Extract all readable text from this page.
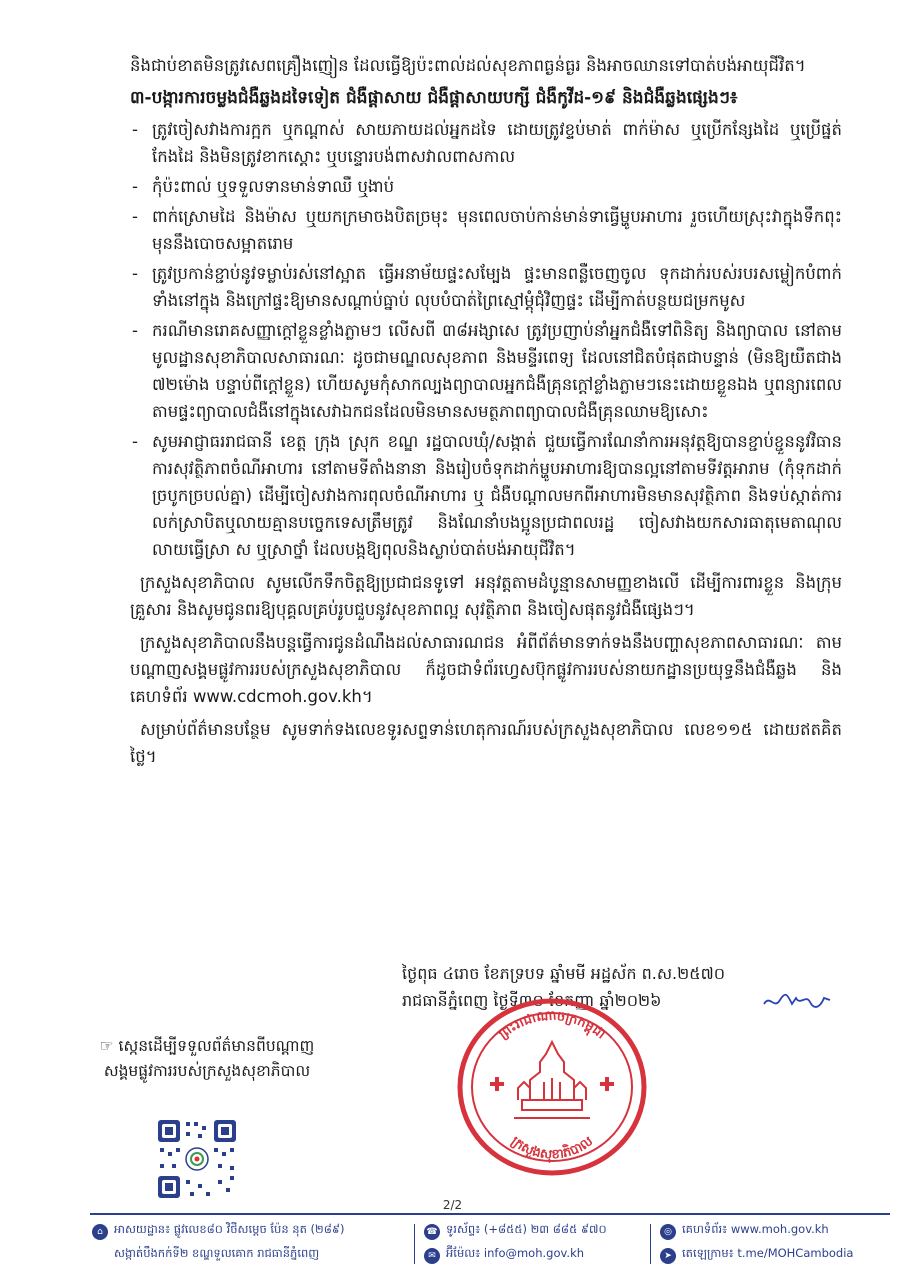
និងជាប់ខាតមិនត្រូវសេពគ្រឿងញៀន ដែលធ្វើឱ្យប៉ះពាល់ដល់សុខភាពធ្ងន់ធ្ងរ និងអាចឈានទៅបាត់បង់អាយុជីវិត។

៣-បង្ការការចម្លងជំងឺឆ្លងដទៃទៀត ជំងឺផ្តាសាយ ជំងឺផ្តាសាយបក្សី ជំងឺកូវីដ-១៩ និងជំងឺឆ្លងផ្សេងៗ៖

- ត្រូវចៀសវាងការក្អក ឬកណ្តាស់ សាយភាយដល់អ្នកដទៃ ដោយត្រូវខ្ទប់មាត់ ពាក់ម៉ាស ឬប្រើកន្សែងដៃ ឬប្រើផ្នត់កែងដៃ និងមិនត្រូវខាកស្តោះ ឬបន្ទោរបង់ពាសវាលពាសកាល
- កុំប៉ះពាល់ ឬទទួលទានមាន់ទាឈឺ ឬងាប់
- ពាក់ស្រោមដៃ និងម៉ាស ឬយកក្រមាចងបិតច្រមុះ មុនពេលចាប់កាន់មាន់ទាធ្វើម្ហូបអាហារ រួចហើយស្រុះវាក្នុងទឹកពុះមុននឹងបោចសម្អាតរោម
- ត្រូវប្រកាន់ខ្ជាប់នូវទម្លាប់រស់នៅស្អាត ធ្វើអនាម័យផ្ទះសម្បែង ផ្ទះមានពន្លឺចេញចូល ទុកដាក់របស់របរសម្លៀកបំពាក់ទាំងនៅក្នុង និងក្រៅផ្ទះឱ្យមានសណ្តាប់ធ្នាប់ លុបបំបាត់ព្រៃស្មៅម្តុំជុំវិញផ្ទះ ដើម្បីកាត់បន្ថយជម្រកមូស
- ករណីមានរោគសញ្ញាក្តៅខ្លួនខ្លាំងភ្លាមៗ លើសពី ៣៨អង្សាសេ ត្រូវប្រញាប់នាំអ្នកជំងឺទៅពិនិត្យ និងព្យាបាល នៅតាមមូលដ្ឋានសុខាភិបាលសាធារណៈ ដូចជាមណ្ឌលសុខភាព និងមន្ទីរពេទ្យ ដែលនៅជិតបំផុតជាបន្ទាន់ (មិនឱ្យយឺតជាង ៧២ម៉ោង បន្ទាប់ពីក្តៅខ្លួន) ហើយសូមកុំសាកល្បងព្យាបាលអ្នកជំងឺគ្រុនក្តៅខ្លាំងភ្លាមៗនេះដោយខ្លួនឯង ឬពន្យារពេលតាមផ្ទះព្យាបាលជំងឺនៅក្នុងសេវាឯកជនដែលមិនមានសមត្ថភាពព្យាបាលជំងឺគ្រុនឈាមឱ្យសោះ
- សូមអាជ្ញាធររាជធានី ខេត្ត ក្រុង ស្រុក ខណ្ឌ រដ្ឋបាលឃុំ/សង្កាត់ ជួយធ្វើការណែនាំការអនុវត្តឱ្យបានខ្ជាប់ខ្ជួននូវវិធានការសុវត្ថិភាពចំណីអាហារ នៅតាមទីតាំងនានា និងរៀបចំទុកដាក់ម្ហូបអាហារឱ្យបានល្អនៅតាមទីវត្តអារាម (កុំទុកដាក់ច្របូកច្របល់គ្នា) ដើម្បីចៀសវាងការពុលចំណីអាហារ ឬ ជំងឺបណ្តាលមកពីអាហារមិនមានសុវត្ថិភាព និងទប់ស្កាត់ការលក់ស្រាបិតឬលាយគ្មានបច្ចេកទេសត្រឹមត្រូវ និងណែនាំបងប្អូនប្រជាពលរដ្ឋ ចៀសវាងយកសារធាតុមេតាណុល លាយធ្វើស្រា ស ឬស្រាថ្នាំ ដែលបង្កឱ្យពុលនិងស្លាប់បាត់បង់អាយុជីវិត។

ក្រសួងសុខាភិបាល សូមលើកទឹកចិត្តឱ្យប្រជាជនទូទៅ អនុវត្តតាមដំបូន្មានសាមញ្ញខាងលើ ដើម្បីការពារខ្លួន និងក្រុមគ្រួសារ និងសូមជូនពរឱ្យបុគ្គលគ្រប់រូបជួបនូវសុខភាពល្អ សុវត្ថិភាព និងចៀសផុតនូវជំងឺផ្សេងៗ។

ក្រសួងសុខាភិបាលនឹងបន្តធ្វើការជូនដំណឹងដល់សាធារណជន អំពីព័ត៌មានទាក់ទងនឹងបញ្ហាសុខភាពសាធារណៈ តាមបណ្តាញសង្គមផ្លូវការរបស់ក្រសួងសុខាភិបាល ក៏ដូចជាទំព័រហ្វេសប៊ុកផ្លូវការរបស់នាយកដ្ឋានប្រយុទ្ធនឹងជំងឺឆ្លង និងគេហទំព័រ www.cdcmoh.gov.kh។

សម្រាប់ព័ត៌មានបន្ថែម សូមទាក់ទងលេខទូរសព្ទទាន់ហេតុការណ៍របស់ក្រសួងសុខាភិបាល លេខ១១៥ ដោយឥតគិតថ្លៃ។

ថ្ងៃពុធ ៤រោច ខែភទ្របទ ឆ្នាំមមី អដ្ឋស័ក ព.ស.២៥៧០
រាជធានីភ្នំពេញ ថ្ងៃទី៣០ ខែកញ្ញា ឆ្នាំ២០២៦
ព្រះរាជាណាចក្រកម្ពុជា
ក្រសួងសុខាភិបាល
☞ ស្កេនដើម្បីទទួលព័ត៌មានពីបណ្តាញសង្គមផ្លូវការរបស់ក្រសួងសុខាភិបាល
2/2
⌂ អាសយដ្ឋាន៖ ផ្លូវលេខ៨០ វិថីសម្តេច ប៉ែន នុត (២៨៩)
សង្កាត់បឹងកក់ទី២ ខណ្ឌទួលគោក រាជធានីភ្នំពេញ
☎ ទូរស័ព្ទ៖ (+៨៥៥) ២៣ ៨៨៥ ៩៧០
✉ អ៊ីម៉ែល៖ info@moh.gov.kh
◎ គេហទំព័រ៖ www.moh.gov.kh
➤ តេឡេក្រាម៖ t.me/MOHCambodia
